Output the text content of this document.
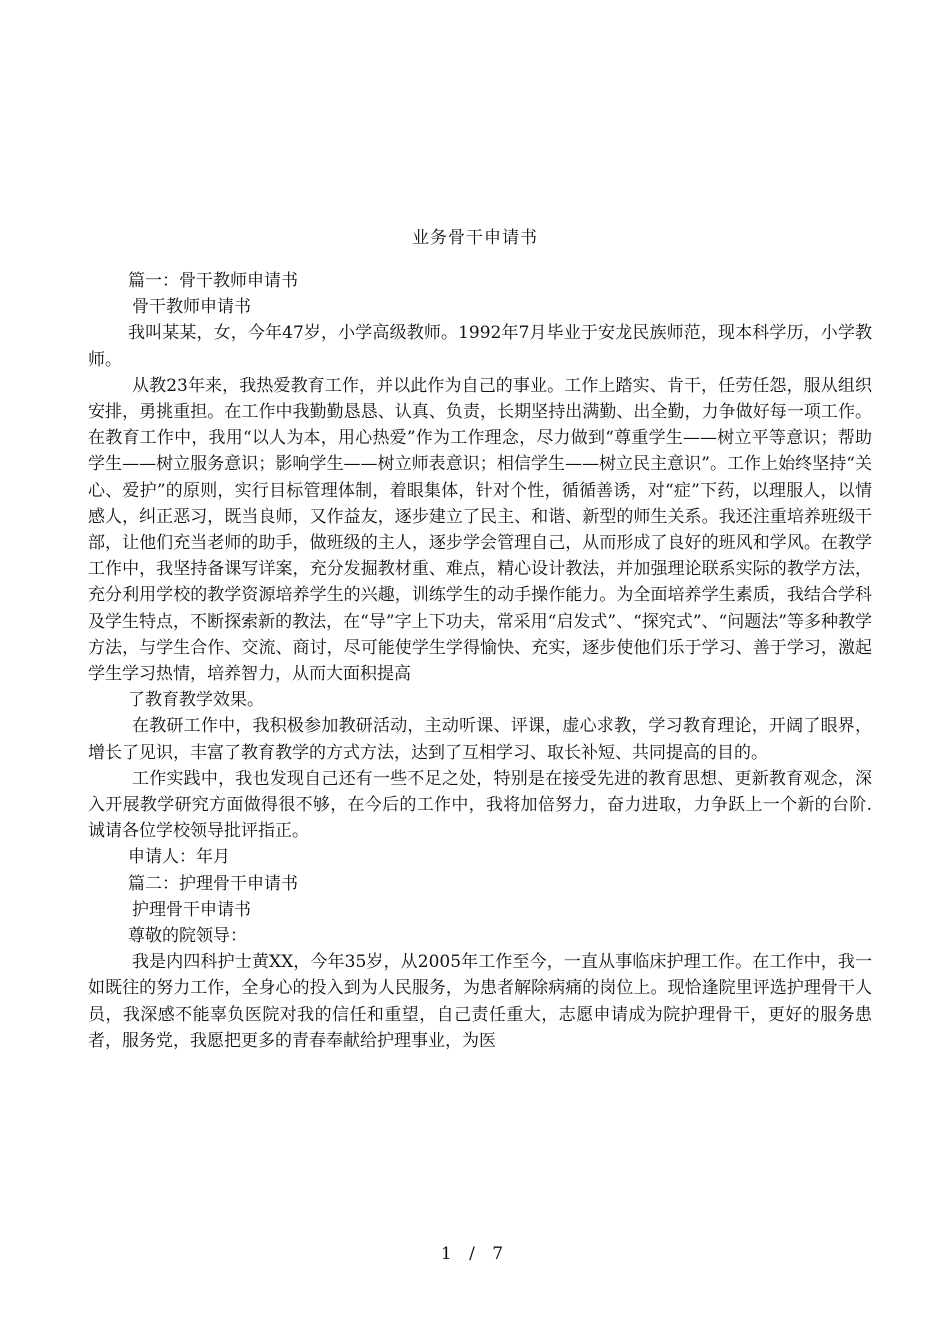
业务骨干申请书

篇一：骨干教师申请书

骨干教师申请书

我叫某某，女，今年47岁，小学高级教师。1992年7月毕业于安龙民族师范，现本科学历，小学教师。

从教23年来，我热爱教育工作，并以此作为自己的事业。工作上踏实、肯干，任劳任怨，服从组织安排，勇挑重担。在工作中我勤勤恳恳、认真、负责，长期坚持出满勤、出全勤，力争做好每一项工作。在教育工作中，我用“以人为本，用心热爱”作为工作理念，尽力做到“尊重学生——树立平等意识；帮助学生——树立服务意识；影响学生——树立师表意识；相信学生——树立民主意识”。工作上始终坚持“关心、爱护”的原则，实行目标管理体制，着眼集体，针对个性，循循善诱，对“症”下药，以理服人，以情感人，纠正恶习，既当良师，又作益友，逐步建立了民主、和谐、新型的师生关系。我还注重培养班级干部，让他们充当老师的助手，做班级的主人，逐步学会管理自己，从而形成了良好的班风和学风。在教学工作中，我坚持备课写详案，充分发掘教材重、难点，精心设计教法，并加强理论联系实际的教学方法，充分利用学校的教学资源培养学生的兴趣，训练学生的动手操作能力。为全面培养学生素质，我结合学科及学生特点，不断探索新的教法，在“导”字上下功夫，常采用“启发式”、“探究式”、“问题法”等多种教学方法，与学生合作、交流、商讨，尽可能使学生学得愉快、充实，逐步使他们乐于学习、善于学习，激起学生学习热情，培养智力，从而大面积提高

了教育教学效果。

在教研工作中，我积极参加教研活动，主动听课、评课，虚心求教，学习教育理论，开阔了眼界，增长了见识，丰富了教育教学的方式方法，达到了互相学习、取长补短、共同提高的目的。

工作实践中，我也发现自己还有一些不足之处，特别是在接受先进的教育思想、更新教育观念，深入开展教学研究方面做得很不够，在今后的工作中，我将加倍努力，奋力进取，力争跃上一个新的台阶.诚请各位学校领导批评指正。

申请人：年月

篇二：护理骨干申请书

护理骨干申请书

尊敬的院领导：

我是内四科护士黄XX，今年35岁，从2005年工作至今，一直从事临床护理工作。在工作中，我一如既往的努力工作，全身心的投入到为人民服务，为患者解除病痛的岗位上。现恰逢院里评选护理骨干人员，我深感不能辜负医院对我的信任和重望，自己责任重大，志愿申请成为院护理骨干，更好的服务患者，服务党，我愿把更多的青春奉献给护理事业，为医

1 / 7
